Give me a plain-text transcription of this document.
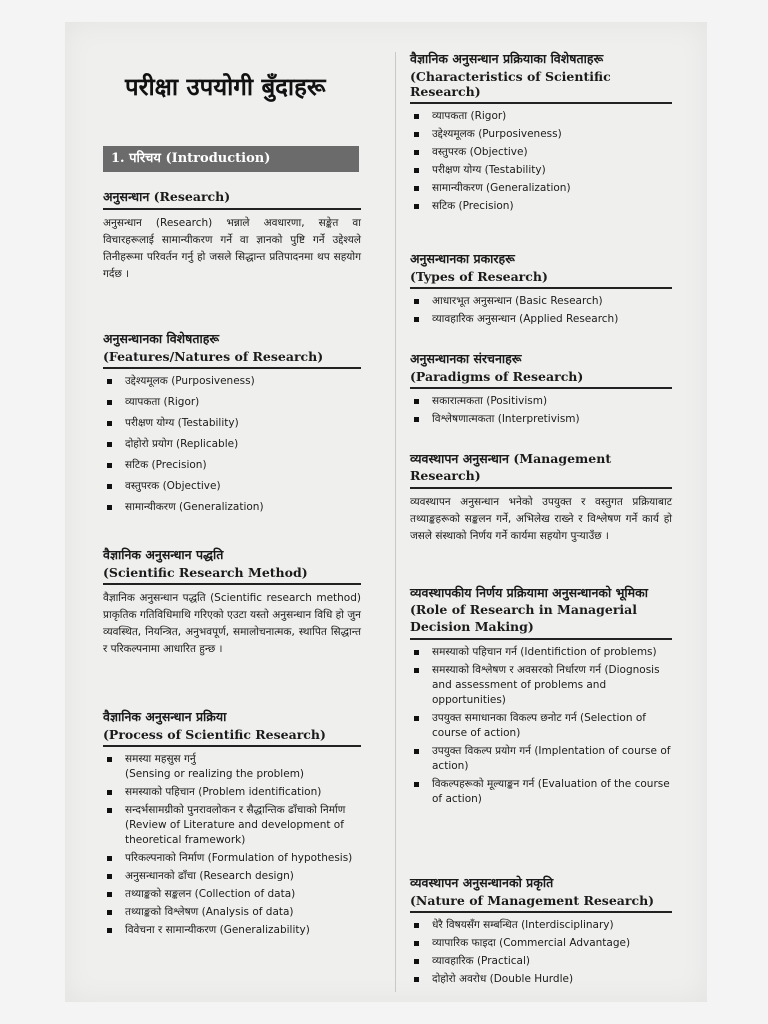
परीक्षा उपयोगी बुँदाहरू
1. परिचय (Introduction)
अनुसन्धान (Research)

अनुसन्धान (Research) भन्नाले अवधारणा, सङ्केत वा विचारहरूलाई सामान्यीकरण गर्ने वा ज्ञानको पुष्टि गर्ने उद्देश्यले तिनीहरूमा परिवर्तन गर्नु हो जसले सिद्धान्त प्रतिपादनमा थप सहयोग गर्दछ ।

अनुसन्धानका विशेषताहरू
(Features/Natures of Research)
उद्देश्यमूलक (Purposiveness)
व्यापकता (Rigor)
परीक्षण योग्य (Testability)
दोहोरो प्रयोग (Replicable)
सटिक (Precision)
वस्तुपरक (Objective)
सामान्यीकरण (Generalization)
वैज्ञानिक अनुसन्धान पद्धति
(Scientific Research Method)

वैज्ञानिक अनुसन्धान पद्धति (Scientific research method) प्राकृतिक गतिविधिमाथि गरिएको एउटा यस्तो अनुसन्धान विधि हो जुन व्यवस्थित, नियन्त्रित, अनुभवपूर्ण, समालोचनात्मक, स्थापित सिद्धान्त र परिकल्पनामा आधारित हुन्छ ।

वैज्ञानिक अनुसन्धान प्रक्रिया
(Process of Scientific Research)
समस्या महसुस गर्नु
(Sensing or realizing the problem)
समस्याको पहिचान (Problem identification)
सन्दर्भसामग्रीको पुनरावलोकन र सैद्धान्तिक ढाँचाको निर्माण (Review of Literature and development of theoretical framework)
परिकल्पनाको निर्माण (Formulation of hypothesis)
अनुसन्धानको ढाँचा (Research design)
तथ्याङ्कको सङ्कलन (Collection of data)
तथ्याङ्कको विश्लेषण (Analysis of data)
विवेचना र सामान्यीकरण (Generalizability)
वैज्ञानिक अनुसन्धान प्रक्रियाका विशेषताहरू
(Characteristics of Scientific Research)
व्यापकता (Rigor)
उद्देश्यमूलक (Purposiveness)
वस्तुपरक (Objective)
परीक्षण योग्य (Testability)
सामान्यीकरण (Generalization)
सटिक (Precision)
अनुसन्धानका प्रकारहरू
(Types of Research)
आधारभूत अनुसन्धान (Basic Research)
व्यावहारिक अनुसन्धान (Applied Research)
अनुसन्धानका संरचनाहरू
(Paradigms of Research)
सकारात्मकता (Positivism)
विश्लेषणात्मकता (Interpretivism)
व्यवस्थापन अनुसन्धान (Management Research)

व्यवस्थापन अनुसन्धान भनेको उपयुक्त र वस्तुगत प्रक्रियाबाट तथ्याङ्कहरूको सङ्कलन गर्ने, अभिलेख राख्ने र विश्लेषण गर्ने कार्य हो जसले संस्थाको निर्णय गर्ने कार्यमा सहयोग पुऱ्याउँछ ।

व्यवस्थापकीय निर्णय प्रक्रियामा अनुसन्धानको भूमिका (Role of Research in Managerial Decision Making)
समस्याको पहिचान गर्न (Identifiction of problems)
समस्याको विश्लेषण र अवसरको निर्धारण गर्न (Diognosis and assessment of problems and opportunities)
उपयुक्त समाधानका विकल्प छनोट गर्न (Selection of course of action)
उपयुक्त विकल्प प्रयोग गर्न (Implentation of course of action)
विकल्पहरूको मूल्याङ्कन गर्न (Evaluation of the course of action)
व्यवस्थापन अनुसन्धानको प्रकृति
(Nature of Management Research)
धेरै विषयसँग सम्बन्धित (Interdisciplinary)
व्यापारिक फाइदा (Commercial Advantage)
व्यावहारिक (Practical)
दोहोरो अवरोध (Double Hurdle)
